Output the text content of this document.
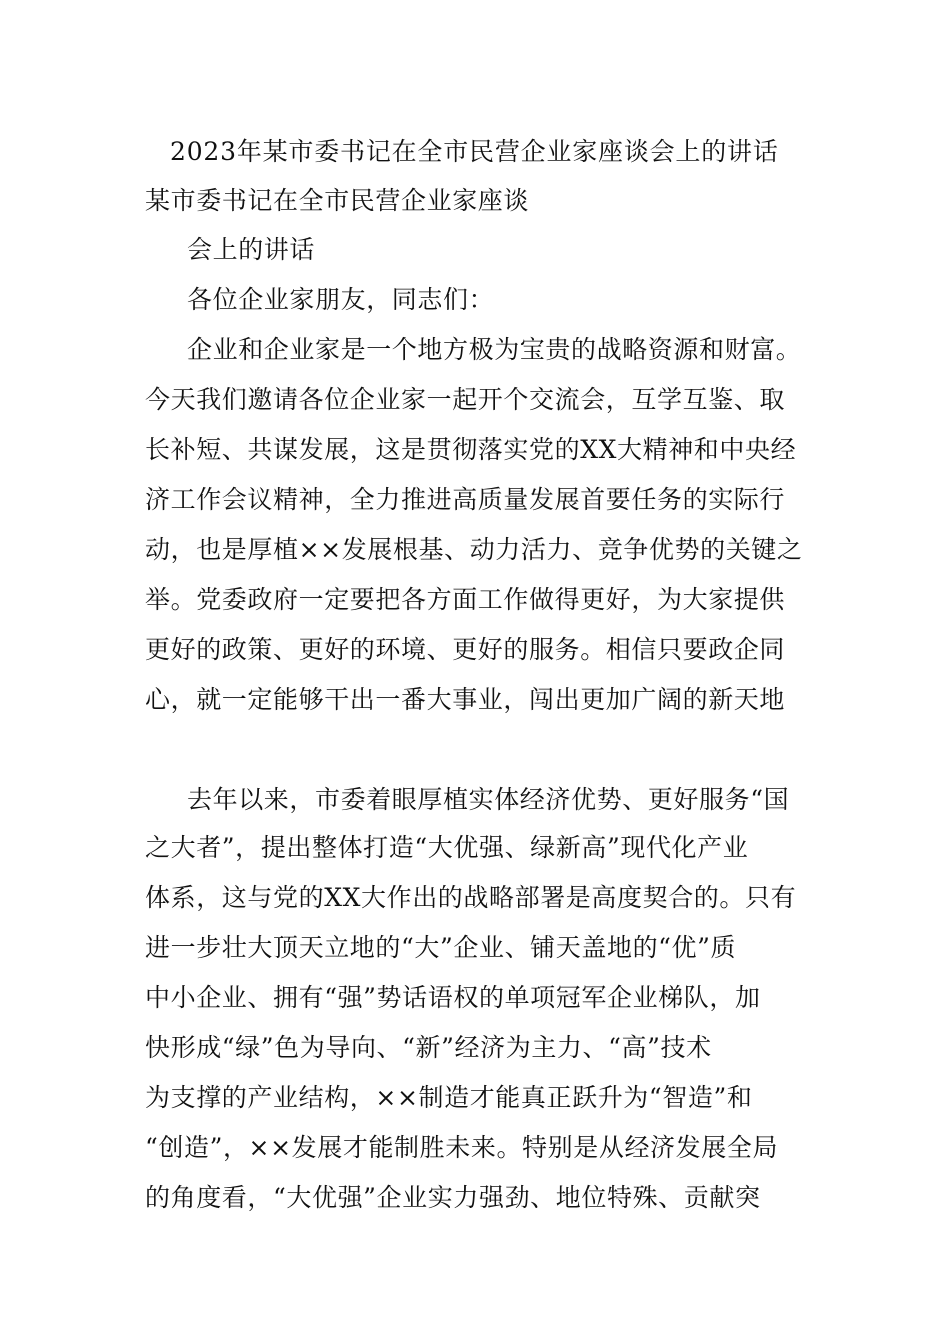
2023年某市委书记在全市民营企业家座谈会上的讲话
某市委书记在全市民营企业家座谈
会上的讲话
各位企业家朋友，同志们：
企业和企业家是一个地方极为宝贵的战略资源和财富。
今天我们邀请各位企业家一起开个交流会，互学互鉴、取
长补短、共谋发展，这是贯彻落实党的XX大精神和中央经
济工作会议精神，全力推进高质量发展首要任务的实际行
动，也是厚植××发展根基、动力活力、竞争优势的关键之
举。党委政府一定要把各方面工作做得更好，为大家提供
更好的政策、更好的环境、更好的服务。相信只要政企同
心，就一定能够干出一番大事业，闯出更加广阔的新天地
去年以来，市委着眼厚植实体经济优势、更好服务“国
之大者”，提出整体打造“大优强、绿新高”现代化产业
体系，这与党的XX大作出的战略部署是高度契合的。只有
进一步壮大顶天立地的“大”企业、铺天盖地的“优”质
中小企业、拥有“强”势话语权的单项冠军企业梯队，加
快形成“绿”色为导向、“新”经济为主力、“高”技术
为支撑的产业结构，××制造才能真正跃升为“智造”和
“创造”，××发展才能制胜未来。特别是从经济发展全局
的角度看，“大优强”企业实力强劲、地位特殊、贡献突
